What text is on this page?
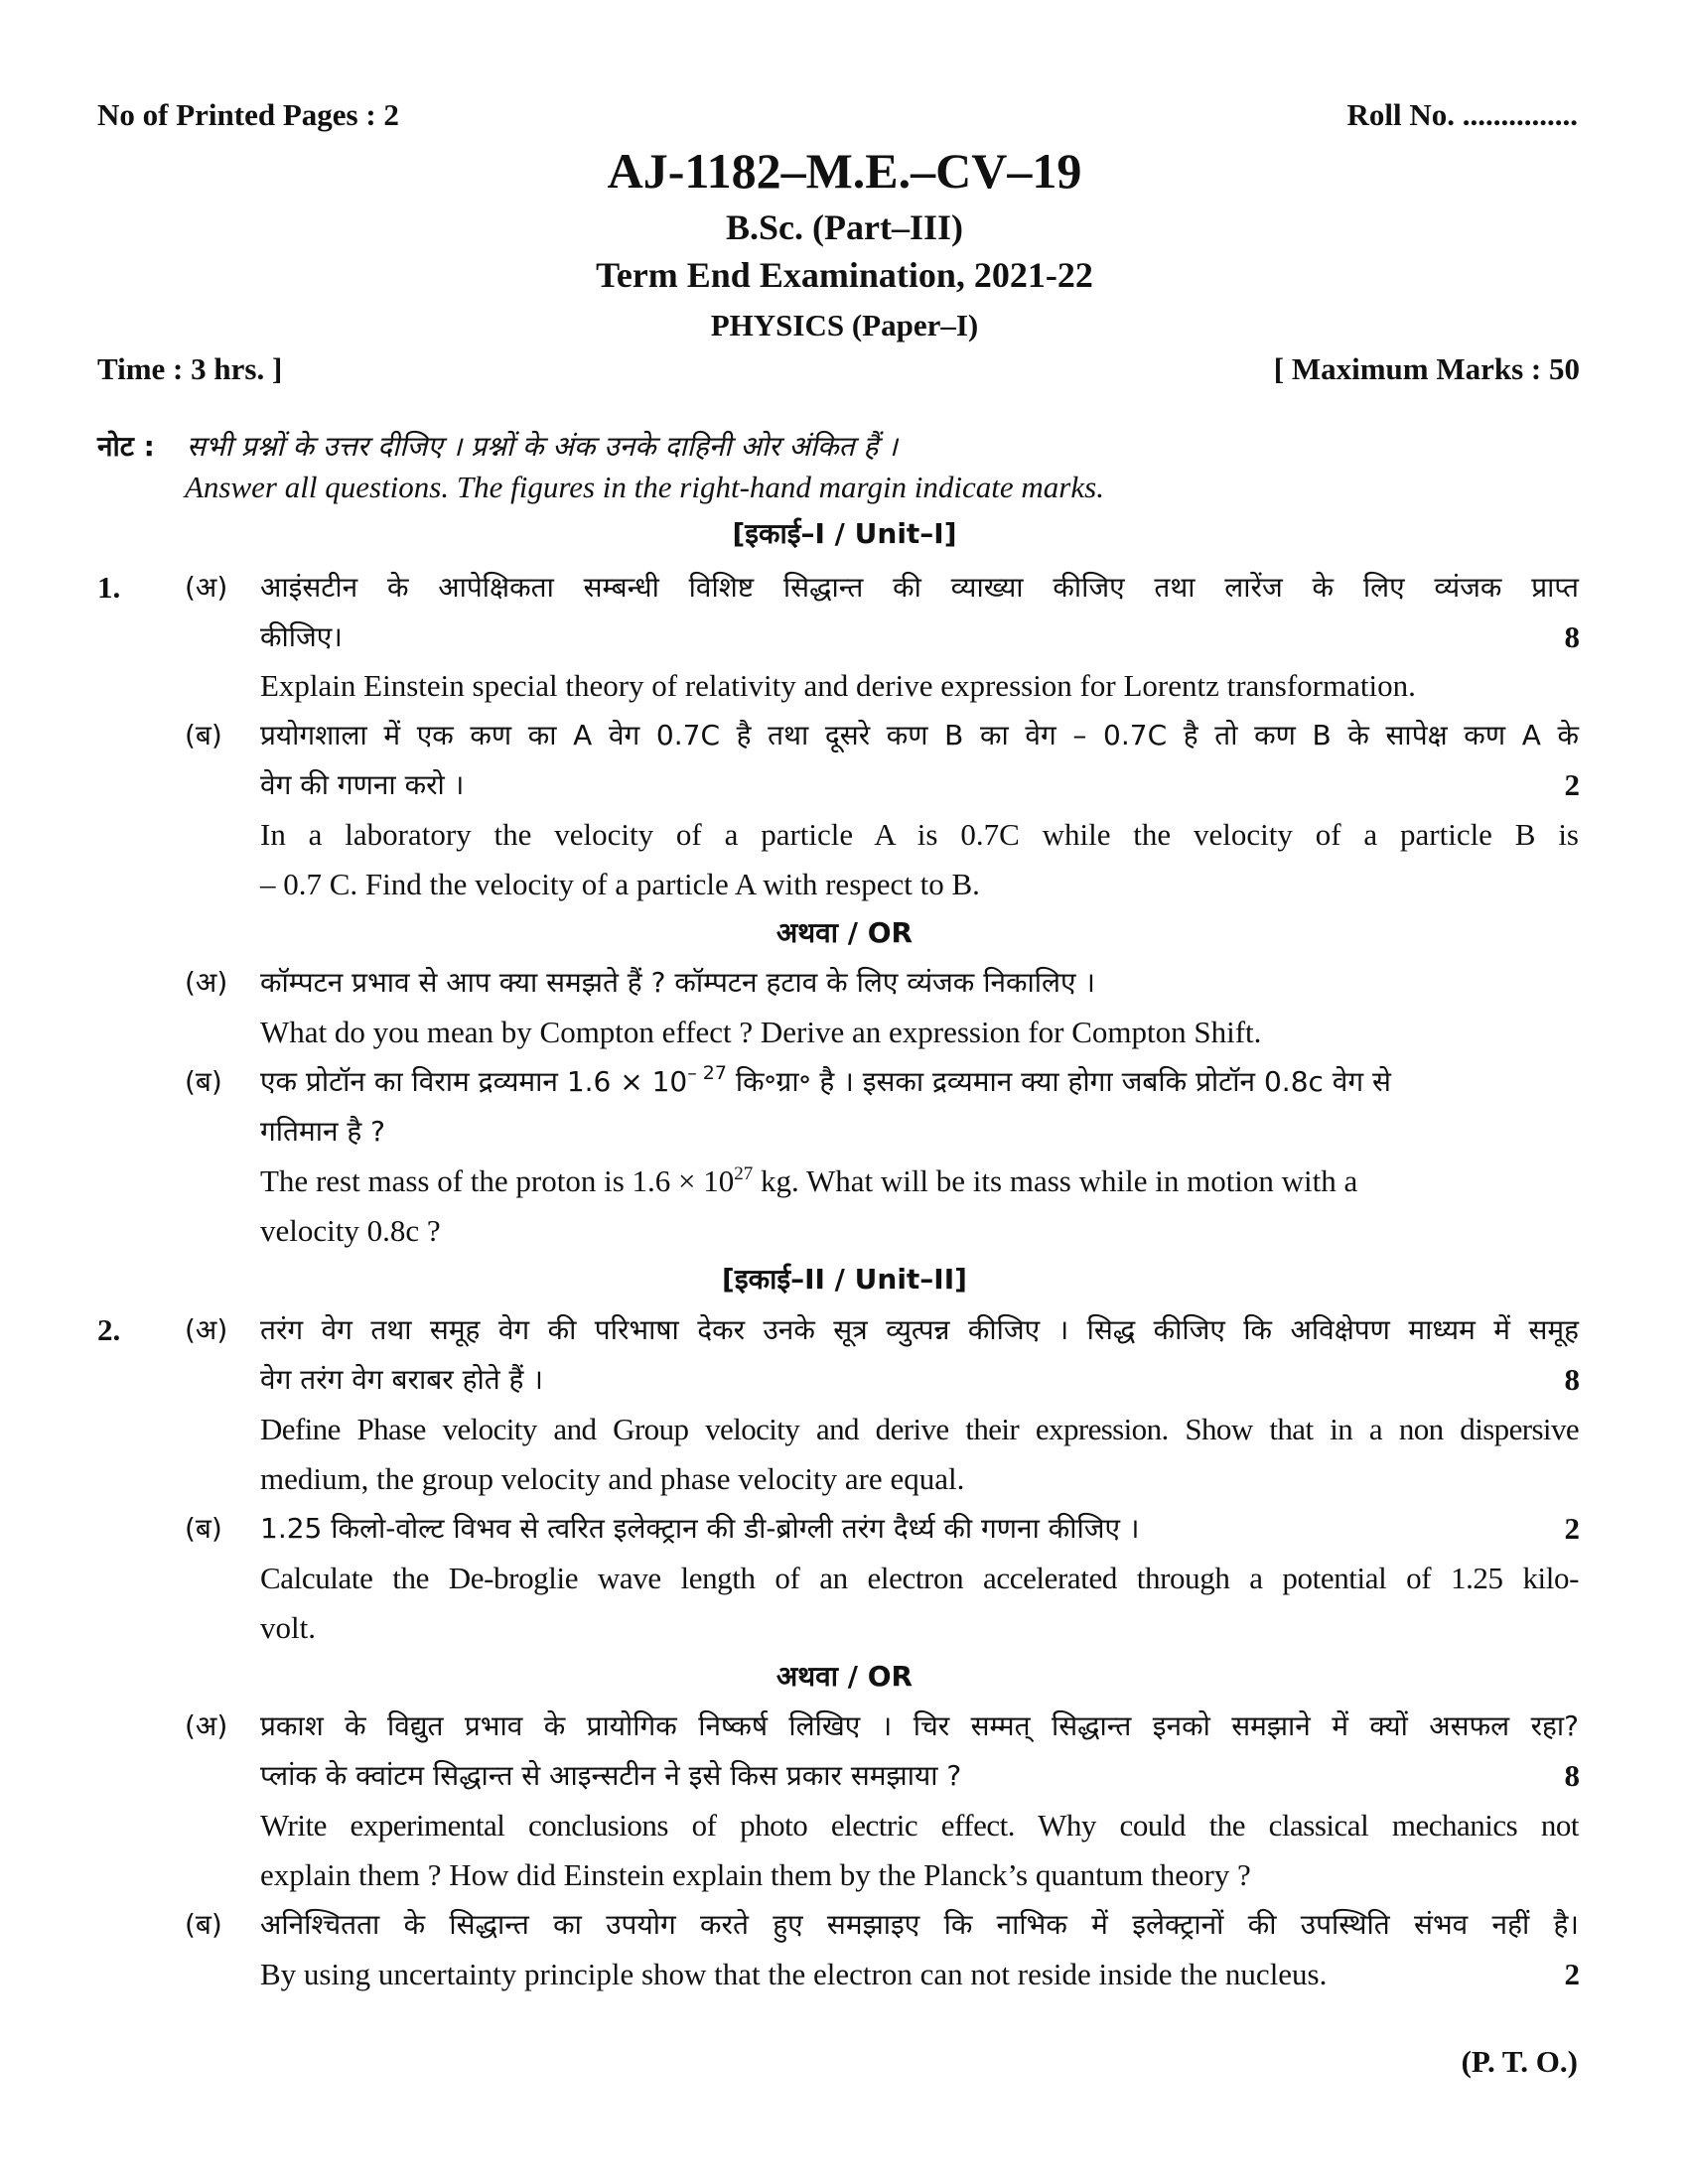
No of Printed Pages : 2	Roll No. ...............
AJ-1182–M.E.–CV–19
B.Sc. (Part–III)
Term End Examination, 2021-22
PHYSICS (Paper–I)
Time : 3 hrs. ]	[ Maximum Marks : 50
नोट : सभी प्रश्नों के उत्तर दीजिए । प्रश्नों के अंक उनके दाहिनी ओर अंकित हैं ।
Answer all questions. The figures in the right-hand margin indicate marks.
[इकाई–I / Unit–I]
1. (अ) आइंसटीन के आपेक्षिकता सम्बन्धी विशिष्ट सिद्धान्त की व्याख्या कीजिए तथा लारेंज के लिए व्यंजक प्राप्त
कीजिए।	8
Explain Einstein special theory of relativity and derive expression for Lorentz transformation.
(ब) प्रयोगशाला में एक कण का A वेग 0.7C है तथा दूसरे कण B का वेग – 0.7C है तो कण B के सापेक्ष कण A के
वेग की गणना करो ।	2
In a laboratory the velocity of a particle A is 0.7C while the velocity of a particle B is
– 0.7 C. Find the velocity of a particle A with respect to B.
अथवा / OR
(अ) कॉम्पटन प्रभाव से आप क्या समझते हैं ? कॉम्पटन हटाव के लिए व्यंजक निकालिए ।
What do you mean by Compton effect ? Derive an expression for Compton Shift.
(ब) एक प्रोटॉन का विराम द्रव्यमान $1.6 \times 10^{- 27}$ कि॰ग्रा॰ है । इसका द्रव्यमान क्या होगा जबकि प्रोटॉन 0.8c वेग से
गतिमान है ?
The rest mass of the proton is $1.6 \times 10^{27}$ kg. What will be its mass while in motion with a
velocity 0.8c ?
[इकाई–II / Unit–II]
2. (अ) तरंग वेग तथा समूह वेग की परिभाषा देकर उनके सूत्र व्युत्पन्न कीजिए । सिद्ध कीजिए कि अविक्षेपण माध्यम में समूह
वेग तरंग वेग बराबर होते हैं ।	8
Define Phase velocity and Group velocity and derive their expression. Show that in a non dispersive
medium, the group velocity and phase velocity are equal.
(ब) 1.25 किलो-वोल्ट विभव से त्वरित इलेक्ट्रान की डी-ब्रोग्ली तरंग दैर्ध्य की गणना कीजिए ।	2
Calculate the De-broglie wave length of an electron accelerated through a potential of 1.25 kilo-
volt.
अथवा / OR
(अ) प्रकाश के विद्युत प्रभाव के प्रायोगिक निष्कर्ष लिखिए । चिर सम्मत् सिद्धान्त इनको समझाने में क्यों असफल रहा?
प्लांक के क्वांटम सिद्धान्त से आइन्सटीन ने इसे किस प्रकार समझाया ?	8
Write experimental conclusions of photo electric effect. Why could the classical mechanics not
explain them ? How did Einstein explain them by the Planck’s quantum theory ?
(ब) अनिश्चितता के सिद्धान्त का उपयोग करते हुए समझाइए कि नाभिक में इलेक्ट्रानों की उपस्थिति संभव नहीं है।
By using uncertainty principle show that the electron can not reside inside the nucleus.	2
(P. T. O.)
